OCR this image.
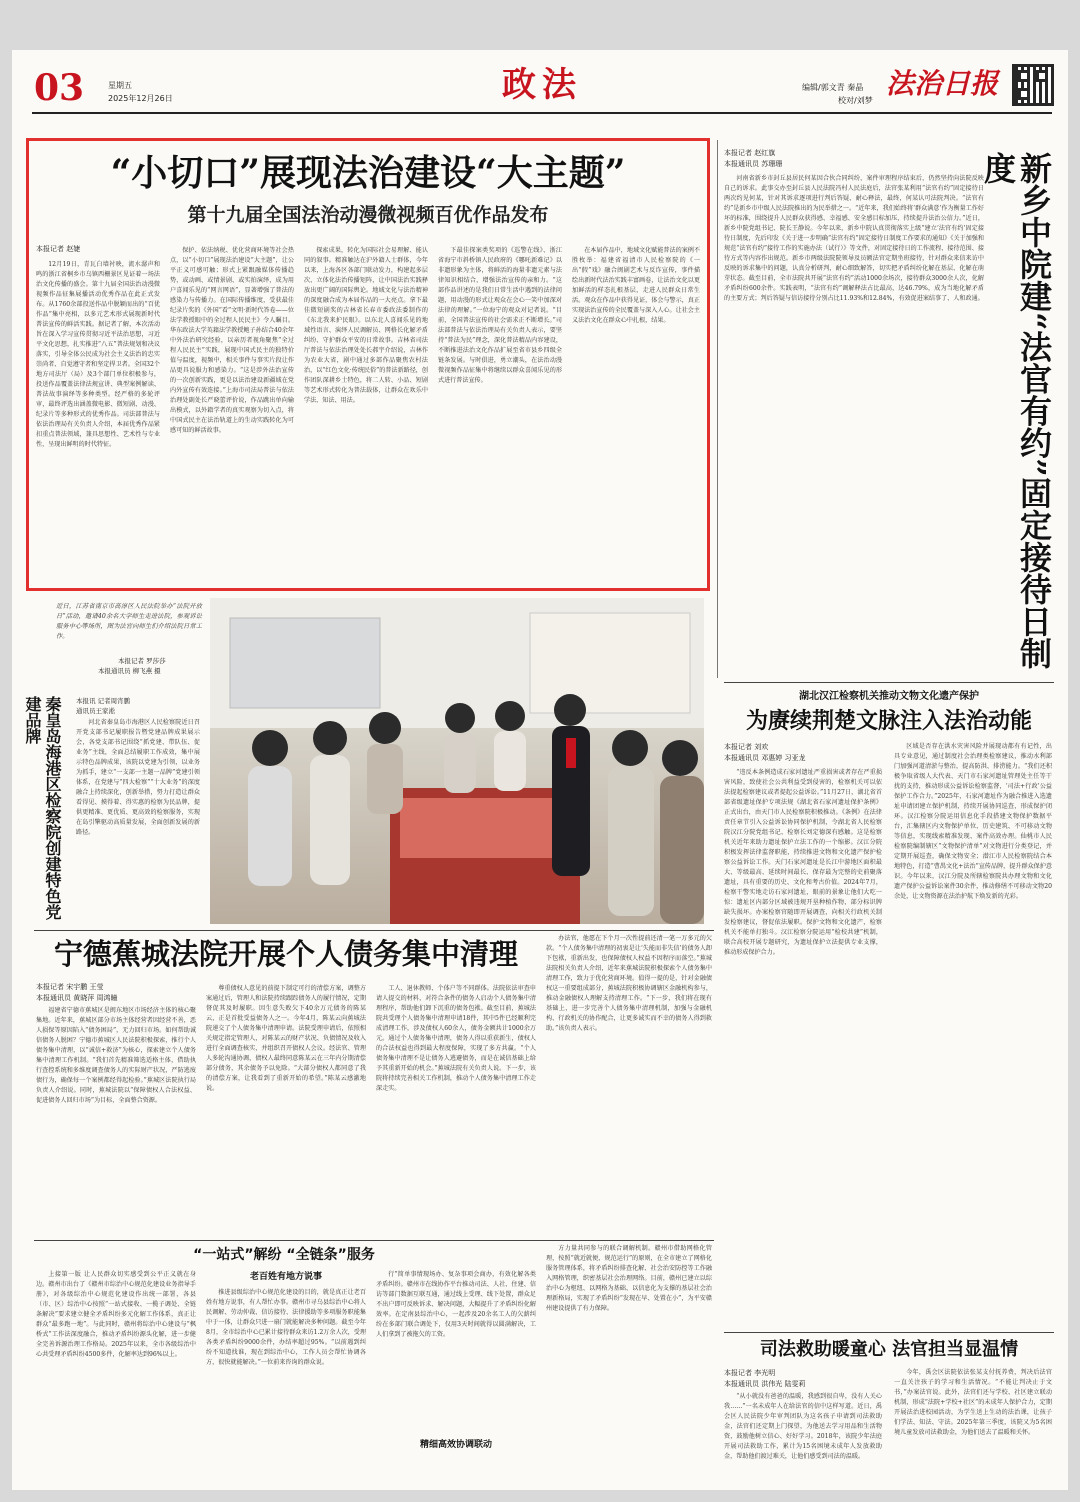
03	星期五
2025年12月26日	政法	编辑/郭文青 秦晶
校对/刘梦
法治日报
“小切口”展现法治建设“大主题”
第十九届全国法治动漫微视频百优作品发布
本报记者 赵婕

12月19日，青瓦白墙衬映，流水潺声和鸣的浙江省桐乡市乌镇西栅景区见证着一场法治文化传播的盛会。第十九届全国法治动漫微视频作品征集展播活动优秀作品在此正式发布。从1760余部投送作品中脱颖而出的“百优作品”集中亮相，以多元艺术形式展现新时代普法宣传的鲜活实践。据记者了解，本次活动旨在深入学习宣传贯彻习近平法治思想，习近平文化思想，扎实推进“八五”普法规划和决议落实，引导全体公民成为社会主义法治的忠实崇尚者、自觉遵守者和坚定捍卫者。全国32个地方司法厅（局）及3个部门单位积极参与，投送作品覆盖法律法规宣讲、典型案例解读、普法故事演绎等多种类型。经严格的多轮评审，最终评选出涵盖微电影、微短剧、动漫、纪录片等多种形式的优秀作品。司法部普法与依法治理局有关负责人介绍，本届优秀作品紧扣重点普法领域，兼具思想性、艺术性与专业性，呈现出鲜明的时代特征。

保护、依法纳税、优化营商环境等社会热点，以“小切口”展现法治建设“大主题”，让公平正义可感可触；形式上紧跟融媒体传播趋势，或动画、或情景剧、或实拍演绎，成为用户喜闻乐见的“网言网语”，显著增强了普法的感染力与传播力。在国际传播维度，受获最佳纪录片奖的《外国“看”文明·新时代答卷——位法学教授眼中的全过程人民民主》令人瞩目。华东政法大学英籍法学教授鲍子孙结合40余年中外法治研究经验，以亲历者视角聚焦“全过程人民民主”实践，展现中国式民主的独特价值与温度，视频中，相关事件与事实片段让作品更具说服力和感染力。“这是涉外法治宣传的一次创新实践，更是以法治建设新疆域在党内外宣传有效连接。”上海市司法局普法与依法治理处副处长严晓蕾评价说，作品跳出单向输出模式，以外籍学者的真实观察为切入点，将中国式民主在法治轨道上的生动实践转化为可感可知的鲜活故事。

探索成果，转化为国际社会易理解、能认同的叙事。精准触达在沪外籍人士群体，今年以来，上海各区各部门联动发力，构建起多层次、立体化法治传播矩阵，让中国法治实践释放出更广阔的国际舆论。地域文化与法治精神的深度融合成为本届作品的一大亮点。拿下最佳微短剧奖的吉林省长春市委政法委制作的《东北我来护民眼》。以东北人喜闻乐见的地域性语言、演绎人民调解员、网格长化解矛盾纠纷、守护群众平安的日常故事。吉林省司法厅普法与依法治理处处长郝宇介绍说，吉林作为农业大省，剧中通过多部作品聚焦农村法治，以“红色文化·传统民俗”的普法新路径，创作团队深耕乡土特色，将二人转、小品、短剧等艺术形式转化为普法载体，让群众在欢乐中学法、知法、用法。

下最佳探案类奖项的《巡警在线》、浙江省海宁市斜桥镇人民政府的《哪吒新难记》以非遗形象为主体，将鲜活的海量非遗元素与法律知识相结合，增强法治宣传的亲和力。“这部作品讲述的是我们日常生活中遇到的法律问题，用动漫的形式让观众在会心一笑中加深对法律的理解。”一位海宁的观众对记者说。“目前，全国普法宣传的社会需求正不断增长。”司法部普法与依法治理局有关负责人表示，要坚持“普法为民”理念，深化普法精品内容建设，不断推进法治文化作品扩展至省市县乡四级全链条发展。与时俱进，勇立潮头，在法治动漫微视频作品征集中将继续以群众喜闻乐见的形式进行普法宣传。

在本届作品中，地域文化赋能普法的案例不胜枚举：福建省福清市人民检察院的《一出“假”戏》融合闽剧艺术与反诈宣传，事件描绘出新时代法治实践丰富画卷，让法治文化以更加鲜活的样态扎根基层，走进人民群众日常生活。观众在作品中获得见证，体会与警示，真正实现法治宣传的全民覆盖与深入人心。让社会主义法治文化在群众心中扎根，结果。

本报记者 赵红旗
本报通讯员 苏珊珊

河南省新乡市封丘县居民何某因合伙合同纠纷，案件审理程序结束后，仍然坚持向法院反映自己的诉求。此事交办至封丘县人民法院冯村人民法庭后，法官张某利用“法官有约”固定接待日两次约见何某，针对其诉求逐项进行判后答疑、耐心释法，最终，何某认可法院判决。“法官有约”是新乡市中级人民法院推出的为民举措之一。“近年来，我们始终将‘群众满意’作为衡量工作好坏的标准，围绕提升人民群众获得感、幸福感、安全感目标加压，持续提升法治公信力。”近日，新乡中院党组书记、院长王静说。今年以来，新乡中院认真贯彻落实上级“建立‘法官有约’固定接待日制度，先后印发《关于进一步明确“法官有约”固定接待日制度工作要求的通知》《关于加强和规范“法官有约”接待工作的实施办法（试行）》等文件，对固定接待日的工作流程、接待范围、接待方式等内容作出规范。新乡市两级法院院领导及员额法官定期坐班接待，针对群众来信来访中反映的诉求集中的问题，认真分析研判，耐心细致解答，切实把矛盾纠纷化解在基层、化解在萌芽状态。截至目前，全市法院共开展“法官有约”活动1000余场次，接待群众3000余人次，化解矛盾纠纷600余件。实践表明，“法官有约”调解释法占比最高，达46.79%，成为当地化解矛盾的主要方式；判后答疑与信访接待分别占比11.93%和12.84%，有效促进案结事了、人和政通。 新乡中院建“法官有约”固定接待日制度
近日，江苏省南京市高淳区人民法院举办“法院开放日”活动，邀请40余名大学师生走进法院，参观诉讼服务中心等场所，图为法官向师生们介绍法院日常工作。
本报记者 罗莎莎
本报通讯员 柳飞燕 摄
秦皇岛海港区检察院创建特色党建品牌	本报讯 记者周宵鹏
通讯员王家淞

河北省秦皇岛市海港区人民检察院近日召开党支部书记履职报告暨党建品牌成果展示会，各党支部书记围绕“抓党建、带队伍、促业务”主线，全面总结履职工作成效，集中展示特色品牌成果，该院以党建为引领，以业务为抓手，建立“一支部一主题一品牌”党建引领体系，在党建与“四大检察”“十大业务”的深度融合上持续深化，创新举措，努力打造让群众看得见、摸得着、得实惠的检察为民品牌，提供更精准、更优质、更高效的检察服务，实现在岛引擎驱动高质量发展，全面创新发展的新路径。

湖北汉江检察机关推动文物文化遗产保护
为赓续荆楚文脉注入法治动能
本报记者 刘欢
本报通讯员 邓惠婷 习亚龙

“违反本条例造成石家河遗址严重损害或者存在严重损害风险，致使社会公共利益受到侵害的，检察机关可以依法提起检察建议或者提起公益诉讼。”11月27日，湖北省首部省级遗址保护专项法规《湖北省石家河遗址保护条例》正式出台，由天门市人民检察院积极推动。《条例》在法律责任章节引入公益诉讼协同保护机制，令湖北省人民检察院汉江分院党组书记、检察长刘定德深有感触。这是检察机关近年来助力遗址保护立法工作的一个缩影。汉江分院积极发挥法律监督职能，持续推进文物和文化遗产保护检察公益诉讼工作。天门石家河遗址是长江中游地区面积最大、等级最高、延续时间最长、保存最为完整的史前聚落遗址，具有重要的历史、文化和考古价值。2024年7月，检察干警实地走访石家河遗址，眼前的景象让他们大吃一惊：遗址区内部分区域被违规开垦种植作物，部分标识牌缺失损坏。办案检察官随即开展调查，向相关行政机关制发检察建议，督促依法履职。保护文物和文化遗产，检察机关不能单打独斗。汉江检察分院运用“检校共建”机制，联合高校开展专题研究，为遗址保护立法提供专业支撑，推动形成保护合力。

区域是否存在洪水灾害风险并展现动都有有记性，出具专业意见，通过制度社会治理类检察建议，推动水利部门加强河道清淤与整治，提高防洪、排涝能力。“我们还积极争取省级人大代表、天门市石家河遗址管理处主任等干扰的支持，推动形成公益诉讼检察监督，‘司法+行政’公益保护工作合力。”2025年，石家河遗址作为融合推进入选遗址申请团建立保护机制，持续开展协同巡查，形成保护闭环。汉江检察分院运用信息化手段搭建文物保护数据平台，汇集辖区内文物保护单位、历史建筑、不可移动文物等信息，实现线索精准发现、案件高效办理。仙桃市人民检察院编制辖区“文物保护清单”对文物进行分类登记，并定期开展巡查，确保文物安全；潜江市人民检察院结合本地特色，打造“曹禺文化+法治”宣传品牌，提升群众保护意识。今年以来，汉江分院及所辖检察院共办理文物和文化遗产保护公益诉讼案件30余件，推动修缮不可移动文物20余处，让文物资源在法治护航下焕发新的光彩。

宁德蕉城法院开展个人债务集中清理
本报记者 宋宇鹏 王莹
本报通讯员 黄晓萍 周鸿瞳

福建省宁德市蕉城区是闽东地区市场经济主体的核心聚集地。近年来，蕉城区部分市场主体经营者因经营不善，恶人损保等原因陷入“债务困局”，无力回归市场。如何帮助诚信债务人脱困？宁德市蕉城区人民法院积极探索，推行个人债务集中清理，以“诚信+救济”为核心，探索建立个人债务集中清理工作机制。“我们首先精准筛选适格主体，借助执行查控系统和多维度调查债务人的实际财产状况，严防逃废债行为，确保每一个案例都经得起检验。”蕉城区法院执行局负责人介绍说。同时，蕉城法院以“保障债权人合法权益、促进债务人回归市场”为目标，全面整合资源。

尊重债权人意见的前提下制定可行的清偿方案，调整方案通过后，管理人和法院持续跟踪债务人的履行情况，定期督促其及时履职。因生意失败欠下40余万元债务的陈某云，正是首批受益债务人之一。今年4月，陈某云向蕉城法院递交了个人债务集中清理申请。法院受理申请后，依照相关规定指定管理人，对陈某云的财产状况、负债情况及收入进行全面调查核实，并组织召开债权人会议。经法官、管理人多轮沟通协调，债权人最终同意陈某云在三年内分期清偿部分债务，其余债务予以免除。“大部分债权人都同意了我的清偿方案，让我看到了重新开始的希望。”陈某云感激地说。

工人、退休教师、个体户等不同群体。法院依法审查申请人提交的材料，对符合条件的债务人启动个人债务集中清理程序，帮助他们卸下沉重的债务包袱。截至目前，蕉城法院共受理个人债务集中清理申请18件，其中5件已经顺利完成清理工作，涉及债权人60余人，债务金额共计1000余万元。通过个人债务集中清理，债务人得以重获新生，债权人的合法权益也得到最大程度保障，实现了多方共赢。“个人债务集中清理不是让债务人逃避债务，而是在诚信基础上给予其重新开始的机会。”蕉城法院有关负责人说。下一步，该院将持续完善相关工作机制，推动个人债务集中清理工作走深走实。

办法官，他愿在下个月一次性提前还清一笔一万多元的欠款。“个人债务集中清理的初衷是让‘失能而非失信’的债务人卸下包袱，重新出发，也保障债权人权益不因程序而落空。”蕉城法院相关负责人介绍，近年来蕉城法院积极探索个人债务集中清理工作，致力于优化营商环境。值得一提的是，针对金融债权这一重要组成部分，蕉城法院积极协调辖区金融机构参与，推动金融债权人理解支持清理工作。“下一步，我们将在现有基础上，进一步完善个人债务集中清理机制，加强与金融机构、行政机关的协作配合，让更多诚实而不幸的债务人得到救助。”该负责人表示。

“一站式”解纷 “全链条”服务

上接第一版 让人民群众切实感受到公平正义就在身边。赣州市出台了《赣州市综治中心规范化建设业务指导手册》，对各级综治中心规范化建设作出统一部署，各县（市、区）综治中心按照“一站式接收、一揽子调处、全链条解决”要求建立健全矛盾纠纷多元化解工作体系，真正让群众“最多跑一地”。与此同时，赣州将综治中心建设与“枫桥式”工作法深度融合，推动矛盾纠纷源头化解，进一步健全完善诉源治理工作格局。2025年以来，全市各级综治中心共受理矛盾纠纷4500多件，化解率达到96%以上。

老百姓有地方说事

推进县级综治中心规范化建设的目的，就是真正让老百姓有地方说事，有人帮忙办事。赣州市寻乌县综治中心将人民调解、劳动仲裁、信访接待、法律援助等多项服务职能集中于一体，让群众只进一扇门就能解决多种问题。截至今年8月，全市综治中心已累计接待群众来访1.2万余人次，受理各类矛盾纠纷9000余件，办结率超过95%。“以前遇到纠纷不知道找谁，现在到综治中心，工作人员会帮忙协调各方，很快就能解决。”一位前来咨询的群众说。

行”简单事情现场办、复杂事项会商办，有效化解各类矛盾纠纷。赣州市在线协作平台推动司法、人社、住建、信访等部门数据互联互通，通过线上受理、线下处置，群众足不出户即可反映诉求、解决问题，大幅提升了矛盾纠纷化解效率。在定南县综治中心，一起涉及20余名工人的欠薪纠纷在多部门联合调处下，仅用3天时间就得以圆满解决，工人们拿到了被拖欠的工资。

精细高效协调联动

方力量共同参与的联合调解机制。赣州市借助网格化管理，按照“就近就便、规范运行”的原则，在全市建立了网格化服务管理体系，将矛盾纠纷排查化解、社会治安防控等工作融入网格管理，织密基层社会治理网络。目前，赣州已建立以综治中心为枢纽、以网格为基础、以信息化为支撑的基层社会治理新格局，实现了矛盾纠纷“发现在早、处置在小”，为平安赣州建设提供了有力保障。

司法救助暖童心 法官担当显温情
本报记者 李光明
本报通讯员 洪伟光 陆雯莉

“从小就没有爸爸的温暖，我感到很自卑，没有人关心我……”一名未成年人在给法官的信中这样写道。近日，禹会区人民法院少年审判团队为这名孩子申请到司法救助金，法官们还定期上门探望，为他送去学习用品和生活物资，鼓励他树立信心、好好学习。2018年，该院少年法庭开展司法救助工作，累计为15名困境未成年人发放救助金，帮助他们渡过难关，让他们感受到司法的温暖。

今年，禹会区法院依法张某支付抚养费，判决后法官一直关注孩子的学习和生活情况。“不能让判决止于文书，”办案法官说。此外，法官们还与学校、社区建立联动机制，形成“法院+学校+社区”的未成年人保护合力，定期开展法治进校园活动，为学生送上生动的法治课，让孩子们学法、知法、守法。2025年第三季度，该院又为5名困境儿童发放司法救助金，为他们送去了温暖和关怀。
